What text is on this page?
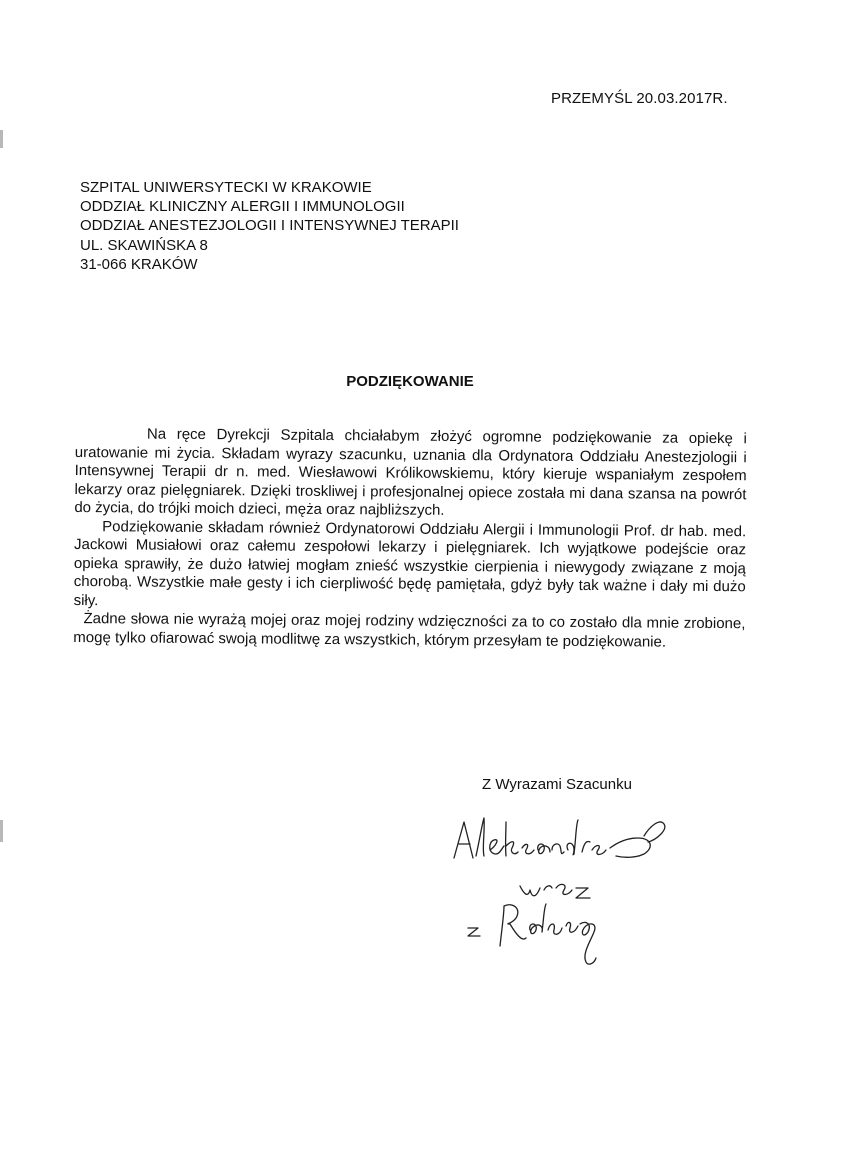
PRZEMYŚL 20.03.2017R.
SZPITAL UNIWERSYTECKI W KRAKOWIE
ODDZIAŁ KLINICZNY ALERGII I IMMUNOLOGII
ODDZIAŁ ANESTEZJOLOGII I INTENSYWNEJ TERAPII
UL. SKAWIŃSKA 8
31-066 KRAKÓW
PODZIĘKOWANIE

Na ręce Dyrekcji Szpitala chciałabym złożyć ogromne podziękowanie za opiekę i uratowanie mi życia. Składam wyrazy szacunku, uznania dla Ordynatora Oddziału Anestezjologii i Intensywnej Terapii dr n. med. Wiesławowi Królikowskiemu, który kieruje wspaniałym zespołem lekarzy oraz pielęgniarek. Dzięki troskliwej i profesjonalnej opiece została mi dana szansa na powrót do życia, do trójki moich dzieci, męża oraz najbliższych.

Podziękowanie składam również Ordynatorowi Oddziału Alergii i Immunologii Prof. dr hab. med. Jackowi Musiałowi oraz całemu zespołowi lekarzy i pielęgniarek. Ich wyjątkowe podejście oraz opieka sprawiły, że dużo łatwiej mogłam znieść wszystkie cierpienia i niewygody związane z moją chorobą. Wszystkie małe gesty i ich cierpliwość będę pamiętała, gdyż były tak ważne i dały mi dużo siły.

Żadne słowa nie wyrażą mojej oraz mojej rodziny wdzięczności za to co zostało dla mnie zrobione, mogę tylko ofiarować swoją modlitwę za wszystkich, którym przesyłam te podziękowanie.

Z Wyrazami Szacunku
